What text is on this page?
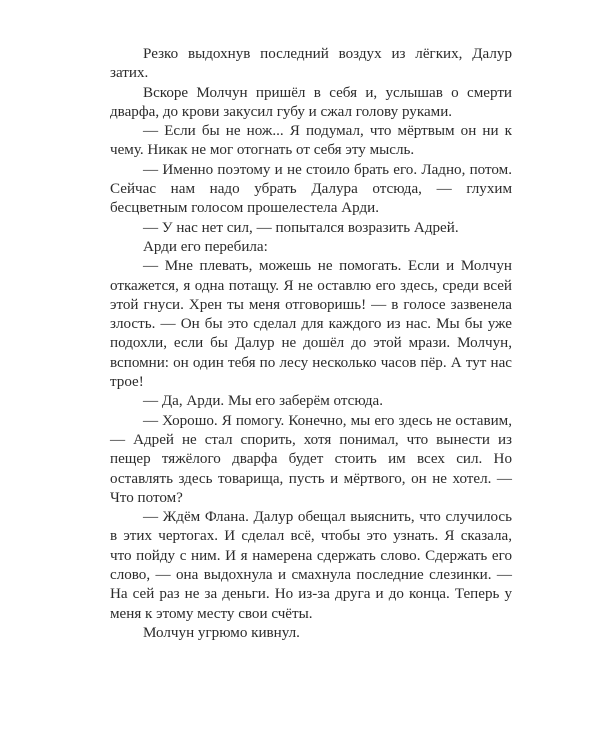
Резко выдохнув последний воздух из лёгких, Далур затих.

Вскоре Молчун пришёл в себя и, услышав о смерти дварфа, до крови закусил губу и сжал голову руками.

— Если бы не нож... Я подумал, что мёртвым он ни к чему. Никак не мог отогнать от себя эту мысль.

— Именно поэтому и не стоило брать его. Ладно, потом. Сейчас нам надо убрать Далура отсюда, — глухим бесцветным голосом прошелестела Арди.

— У нас нет сил, — попытался возразить Адрей.

Арди его перебила:

— Мне плевать, можешь не помогать. Если и Молчун откажется, я одна потащу. Я не оставлю его здесь, среди всей этой гнуси. Хрен ты меня отговоришь! — в голосе зазвенела злость. — Он бы это сделал для каждого из нас. Мы бы уже подохли, если бы Далур не дошёл до этой мрази. Молчун, вспомни: он один тебя по лесу несколько часов пёр. А тут нас трое!

— Да, Арди. Мы его заберём отсюда.

— Хорошо. Я помогу. Конечно, мы его здесь не оставим, — Адрей не стал спорить, хотя понимал, что вынести из пещер тяжёлого дварфа будет стоить им всех сил. Но оставлять здесь товарища, пусть и мёртвого, он не хотел. — Что потом?

— Ждём Флана. Далур обещал выяснить, что случилось в этих чертогах. И сделал всё, чтобы это узнать. Я сказала, что пойду с ним. И я намерена сдержать слово. Сдержать его слово, — она выдохнула и смахнула последние слезинки. — На сей раз не за деньги. Но из-за друга и до конца. Теперь у меня к этому месту свои счёты.

Молчун угрюмо кивнул.
